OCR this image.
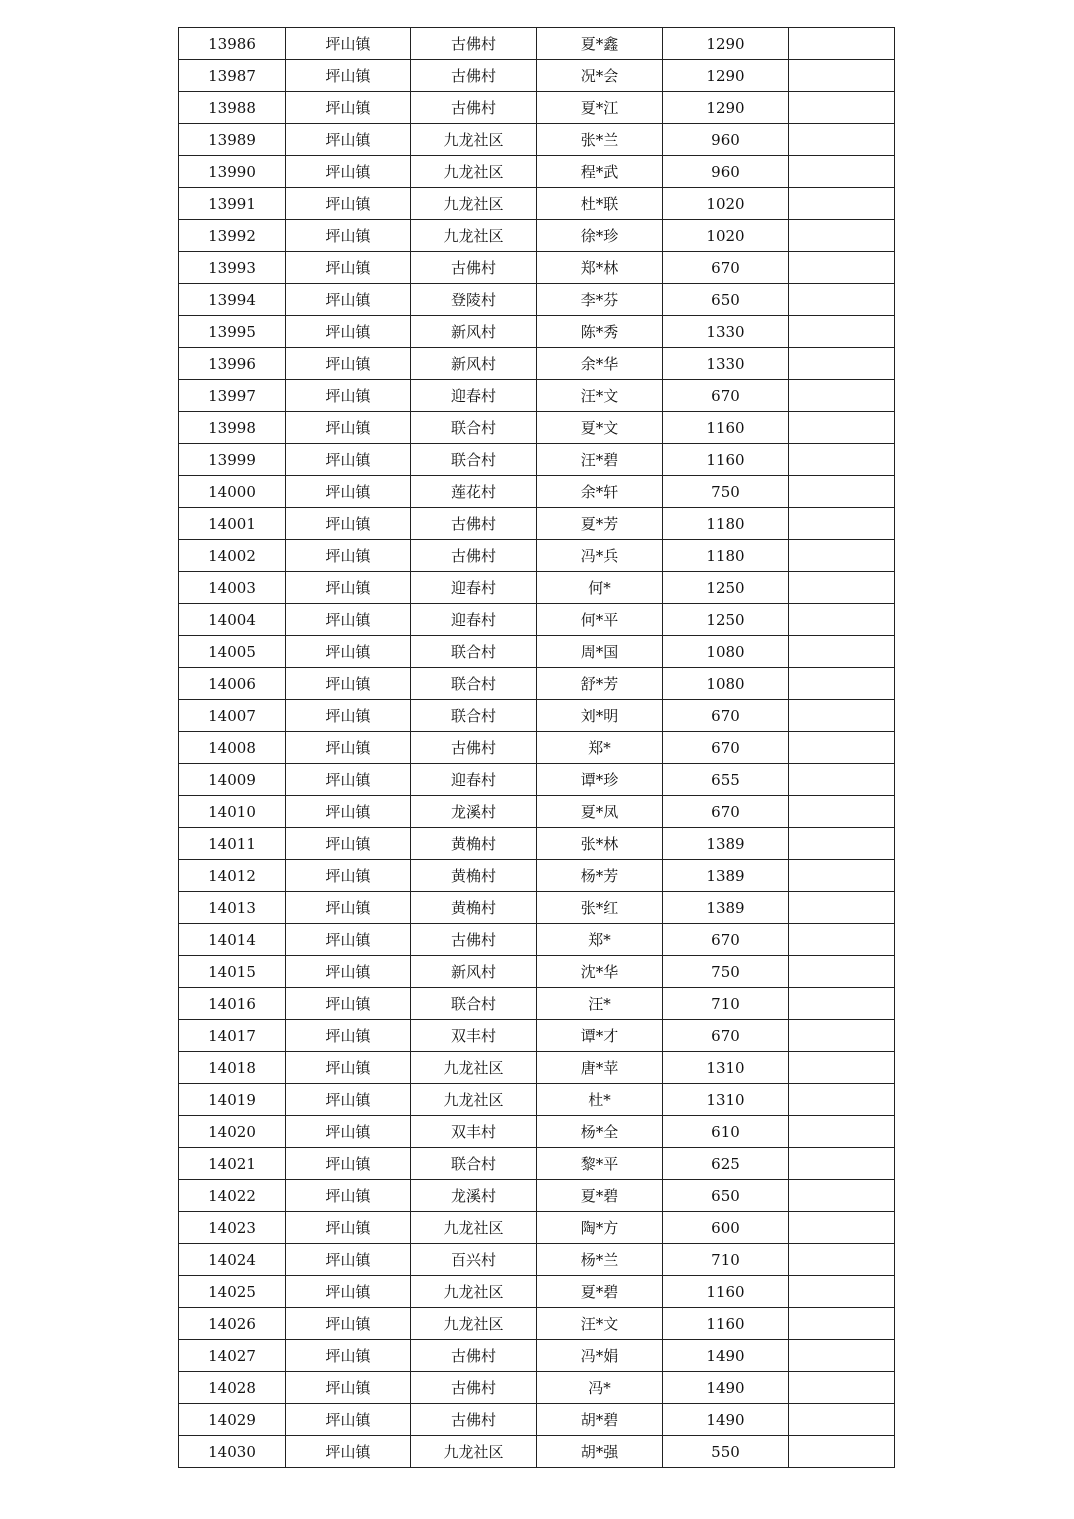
13986	坪山镇	古佛村	夏*鑫	1290	
13987	坪山镇	古佛村	况*会	1290	
13988	坪山镇	古佛村	夏*江	1290	
13989	坪山镇	九龙社区	张*兰	960	
13990	坪山镇	九龙社区	程*武	960	
13991	坪山镇	九龙社区	杜*联	1020	
13992	坪山镇	九龙社区	徐*珍	1020	
13993	坪山镇	古佛村	郑*林	670	
13994	坪山镇	登陵村	李*芬	650	
13995	坪山镇	新风村	陈*秀	1330	
13996	坪山镇	新风村	余*华	1330	
13997	坪山镇	迎春村	汪*文	670	
13998	坪山镇	联合村	夏*文	1160	
13999	坪山镇	联合村	汪*碧	1160	
14000	坪山镇	莲花村	余*轩	750	
14001	坪山镇	古佛村	夏*芳	1180	
14002	坪山镇	古佛村	冯*兵	1180	
14003	坪山镇	迎春村	何*	1250	
14004	坪山镇	迎春村	何*平	1250	
14005	坪山镇	联合村	周*国	1080	
14006	坪山镇	联合村	舒*芳	1080	
14007	坪山镇	联合村	刘*明	670	
14008	坪山镇	古佛村	郑*	670	
14009	坪山镇	迎春村	谭*珍	655	
14010	坪山镇	龙溪村	夏*凤	670	
14011	坪山镇	黄桷村	张*林	1389	
14012	坪山镇	黄桷村	杨*芳	1389	
14013	坪山镇	黄桷村	张*红	1389	
14014	坪山镇	古佛村	郑*	670	
14015	坪山镇	新风村	沈*华	750	
14016	坪山镇	联合村	汪*	710	
14017	坪山镇	双丰村	谭*才	670	
14018	坪山镇	九龙社区	唐*苹	1310	
14019	坪山镇	九龙社区	杜*	1310	
14020	坪山镇	双丰村	杨*全	610	
14021	坪山镇	联合村	黎*平	625	
14022	坪山镇	龙溪村	夏*碧	650	
14023	坪山镇	九龙社区	陶*方	600	
14024	坪山镇	百兴村	杨*兰	710	
14025	坪山镇	九龙社区	夏*碧	1160	
14026	坪山镇	九龙社区	汪*文	1160	
14027	坪山镇	古佛村	冯*娟	1490	
14028	坪山镇	古佛村	冯*	1490	
14029	坪山镇	古佛村	胡*碧	1490	
14030	坪山镇	九龙社区	胡*强	550	
